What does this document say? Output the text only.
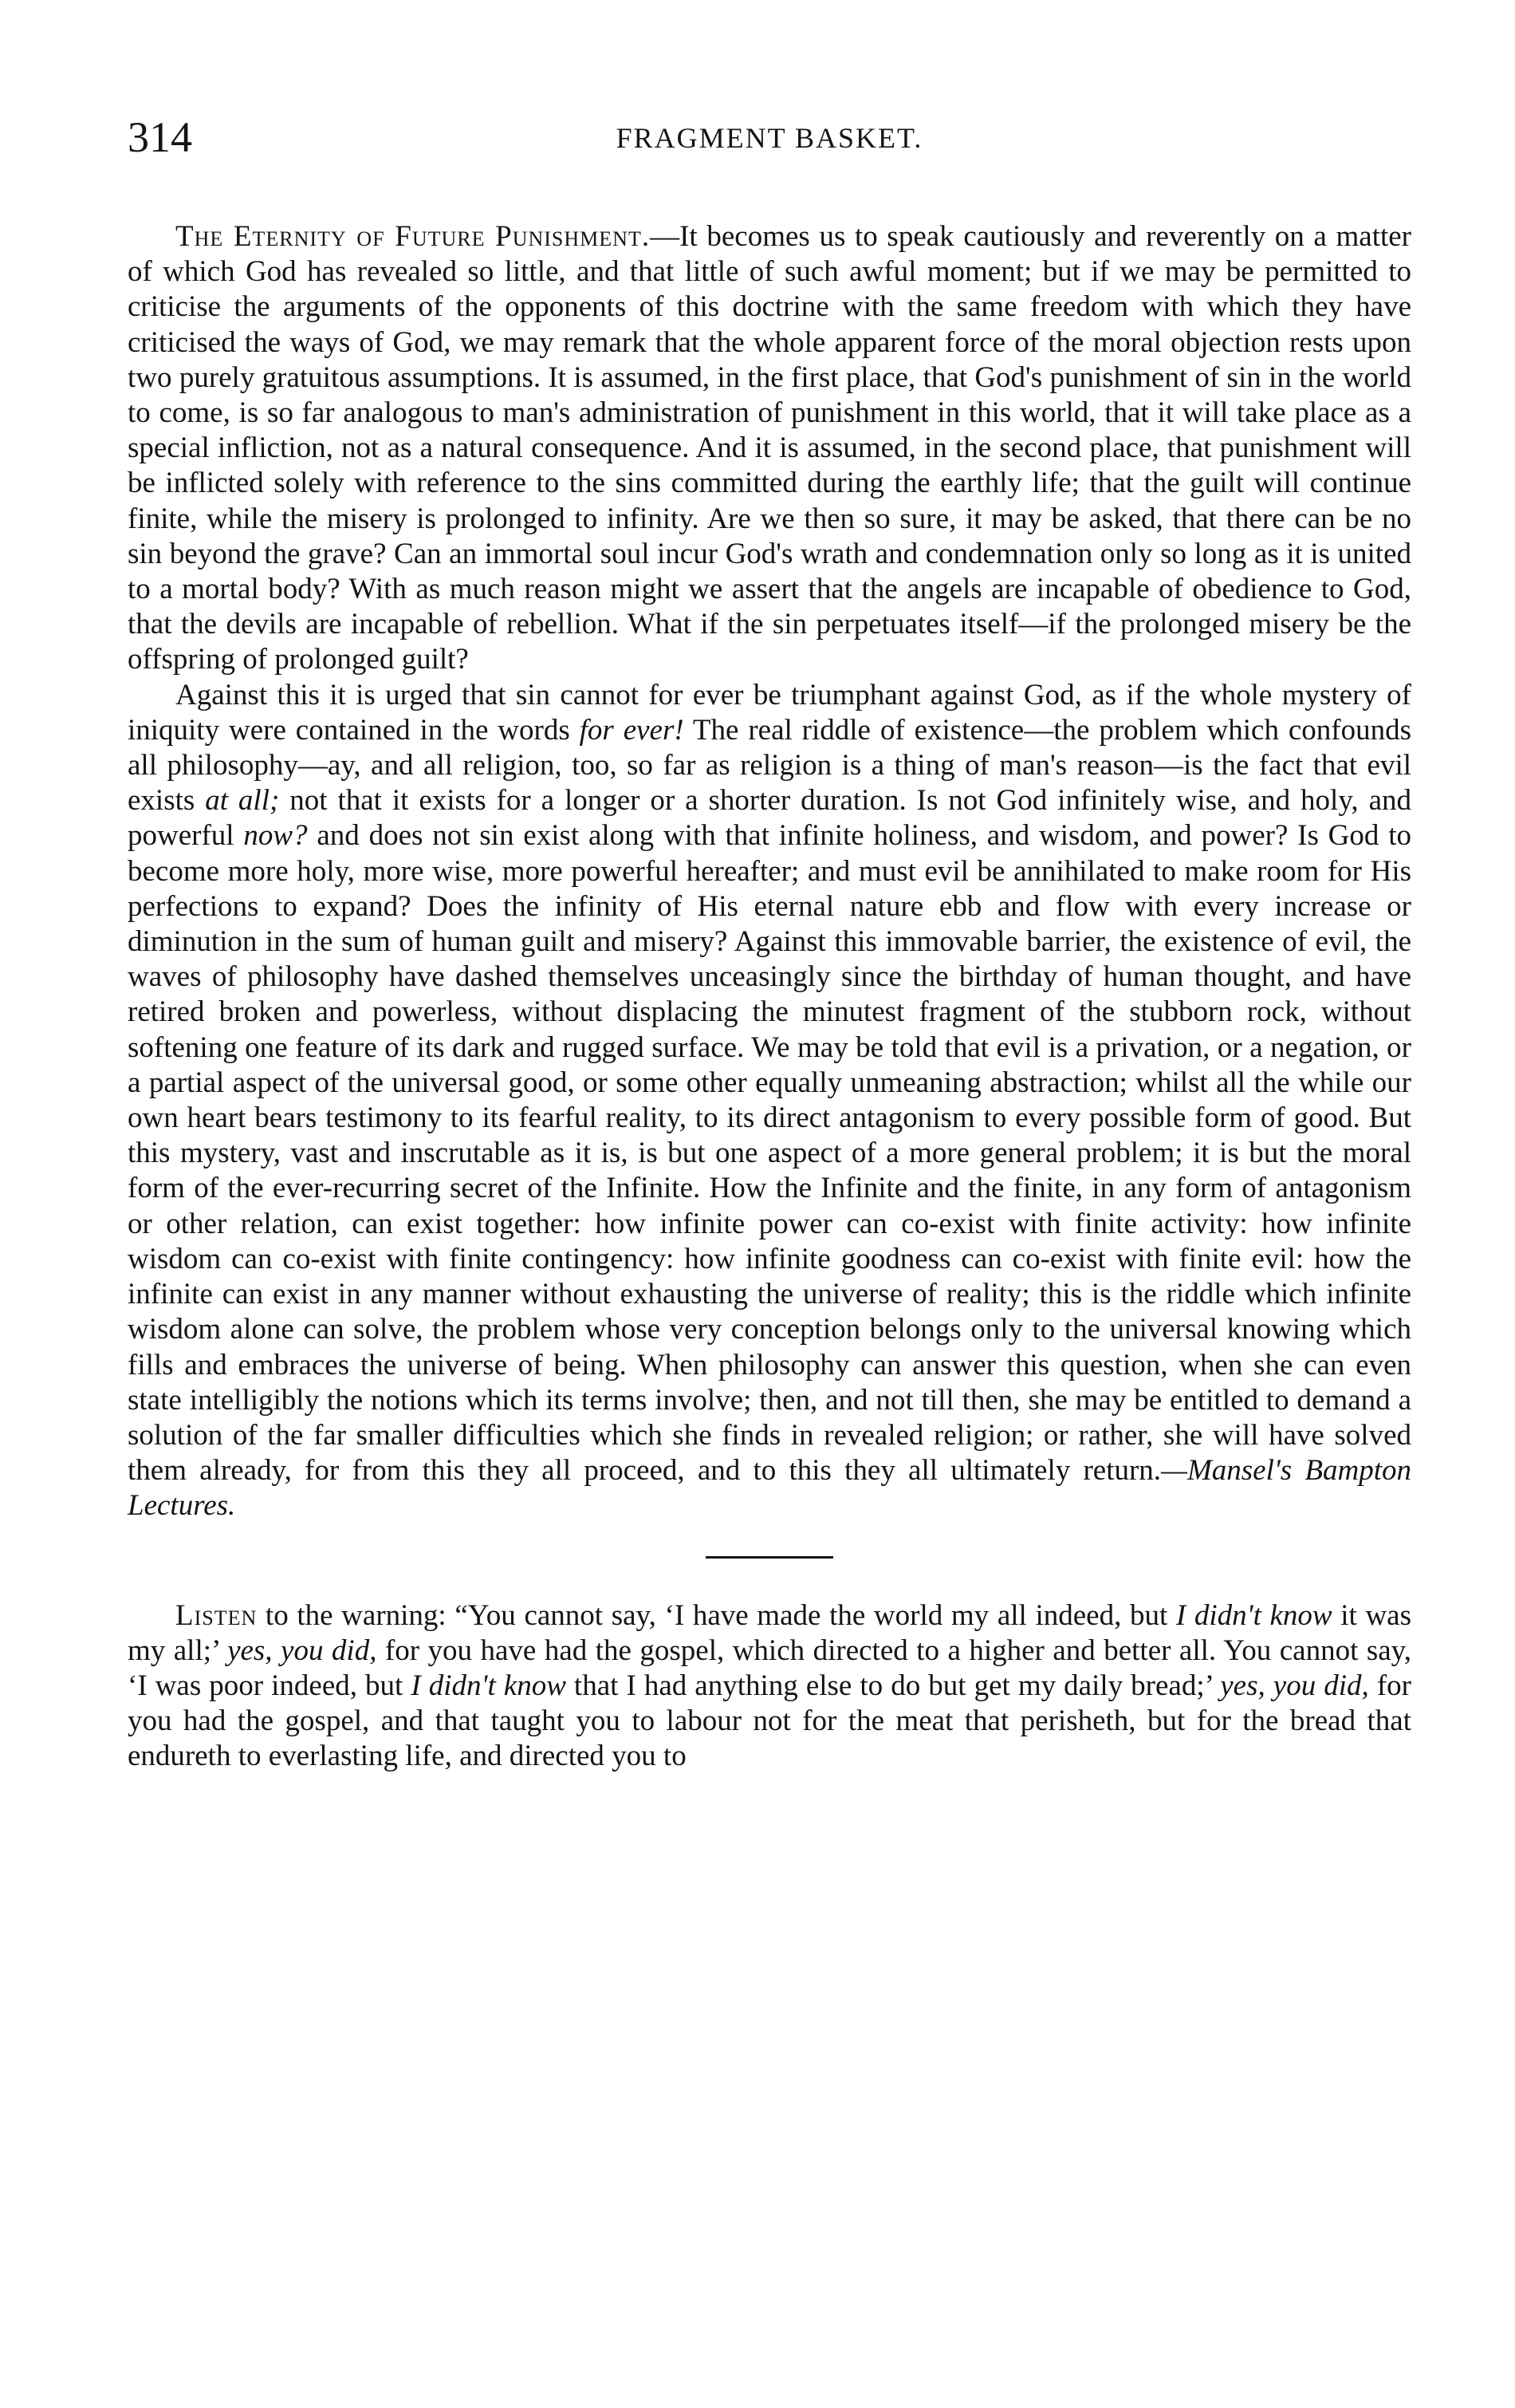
314	FRAGMENT BASKET.

The Eternity of Future Punishment.—It becomes us to speak cautiously and reverently on a matter of which God has revealed so little, and that little of such awful moment; but if we may be permitted to criticise the arguments of the opponents of this doctrine with the same freedom with which they have criticised the ways of God, we may remark that the whole apparent force of the moral objection rests upon two purely gratuitous assumptions. It is assumed, in the first place, that God's punishment of sin in the world to come, is so far analogous to man's administration of punishment in this world, that it will take place as a special infliction, not as a natural consequence. And it is assumed, in the second place, that punishment will be inflicted solely with reference to the sins committed during the earthly life; that the guilt will continue finite, while the misery is prolonged to infinity. Are we then so sure, it may be asked, that there can be no sin beyond the grave? Can an immortal soul incur God's wrath and condemnation only so long as it is united to a mortal body? With as much reason might we assert that the angels are incapable of obedience to God, that the devils are incapable of rebellion. What if the sin perpetuates itself—if the prolonged misery be the offspring of prolonged guilt?

Against this it is urged that sin cannot for ever be triumphant against God, as if the whole mystery of iniquity were contained in the words for ever! The real riddle of existence—the problem which confounds all philosophy—ay, and all religion, too, so far as religion is a thing of man's reason—is the fact that evil exists at all; not that it exists for a longer or a shorter duration. Is not God infinitely wise, and holy, and powerful now? and does not sin exist along with that infinite holiness, and wisdom, and power? Is God to become more holy, more wise, more powerful hereafter; and must evil be annihilated to make room for His perfections to expand? Does the infinity of His eternal nature ebb and flow with every increase or diminution in the sum of human guilt and misery? Against this immovable barrier, the existence of evil, the waves of philosophy have dashed themselves unceasingly since the birthday of human thought, and have retired broken and powerless, without displacing the minutest fragment of the stubborn rock, without softening one feature of its dark and rugged surface. We may be told that evil is a privation, or a negation, or a partial aspect of the universal good, or some other equally unmeaning abstraction; whilst all the while our own heart bears testimony to its fearful reality, to its direct antagonism to every possible form of good. But this mystery, vast and inscrutable as it is, is but one aspect of a more general problem; it is but the moral form of the ever-recurring secret of the Infinite. How the Infinite and the finite, in any form of antagonism or other relation, can exist together: how infinite power can co-exist with finite activity: how infinite wisdom can co-exist with finite contingency: how infinite goodness can co-exist with finite evil: how the infinite can exist in any manner without exhausting the universe of reality; this is the riddle which infinite wisdom alone can solve, the problem whose very conception belongs only to the universal knowing which fills and embraces the universe of being. When philosophy can answer this question, when she can even state intelligibly the notions which its terms involve; then, and not till then, she may be entitled to demand a solution of the far smaller difficulties which she finds in revealed religion; or rather, she will have solved them already, for from this they all proceed, and to this they all ultimately return.—Mansel's Bampton Lectures.

Listen to the warning: “You cannot say, ‘I have made the world my all indeed, but I didn't know it was my all;’ yes, you did, for you have had the gospel, which directed to a higher and better all. You cannot say, ‘I was poor indeed, but I didn't know that I had anything else to do but get my daily bread;’ yes, you did, for you had the gospel, and that taught you to labour not for the meat that perisheth, but for the bread that endureth to everlasting life, and directed you to
